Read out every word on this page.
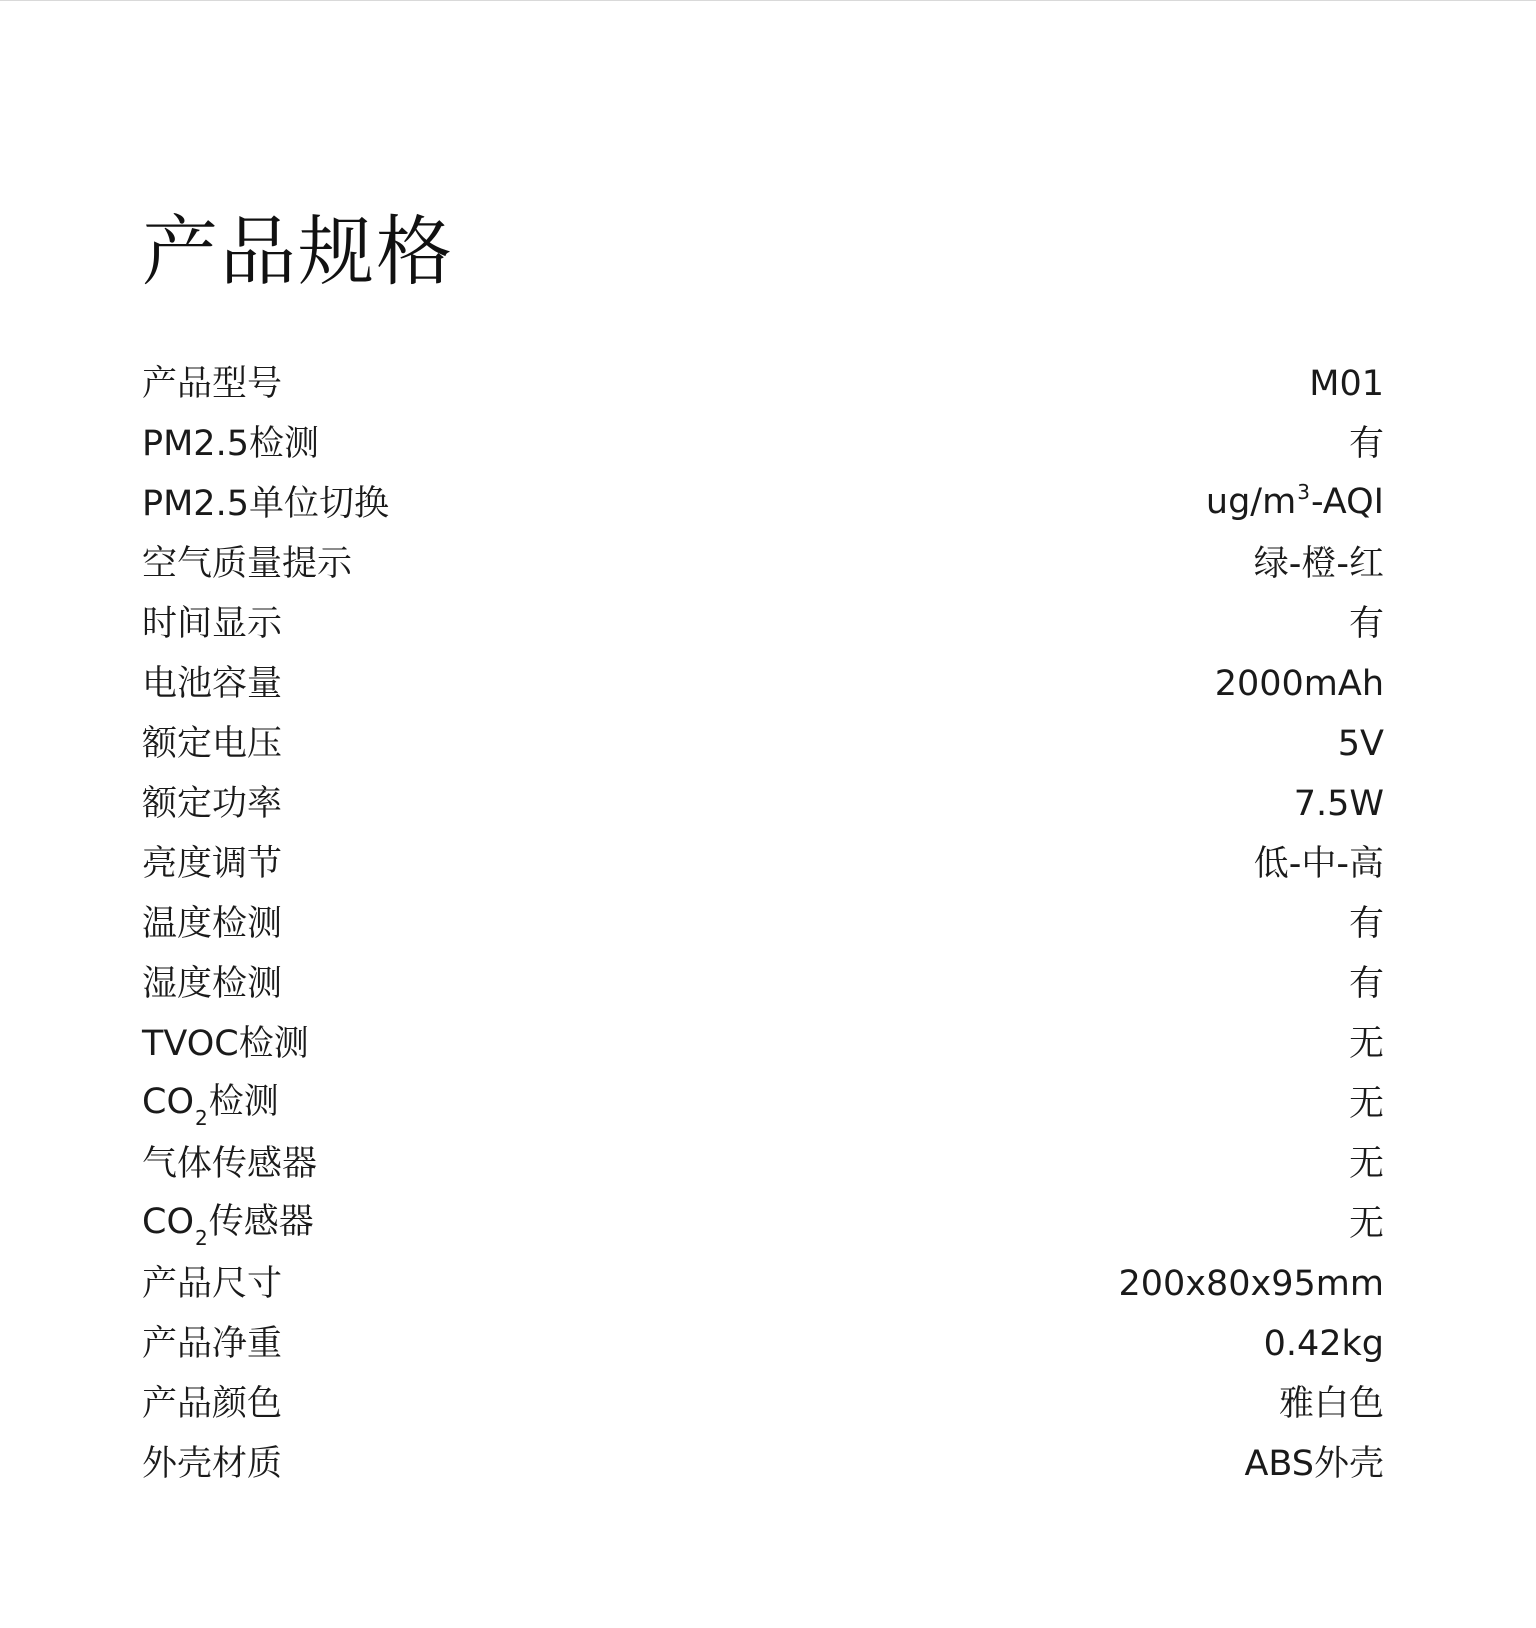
产品规格
产品型号	M01
PM2.5检测	有
PM2.5单位切换	$ug/m^3$-AQI
空气质量提示	绿-橙-红
时间显示	有
电池容量	2000mAh
额定电压	5V
额定功率	7.5W
亮度调节	低-中-高
温度检测	有
湿度检测	有
TVOC检测	无
$CO_2$检测	无
气体传感器	无
$CO_2$传感器	无
产品尺寸	200x80x95mm
产品净重	0.42kg
产品颜色	雅白色
外壳材质	ABS外壳
